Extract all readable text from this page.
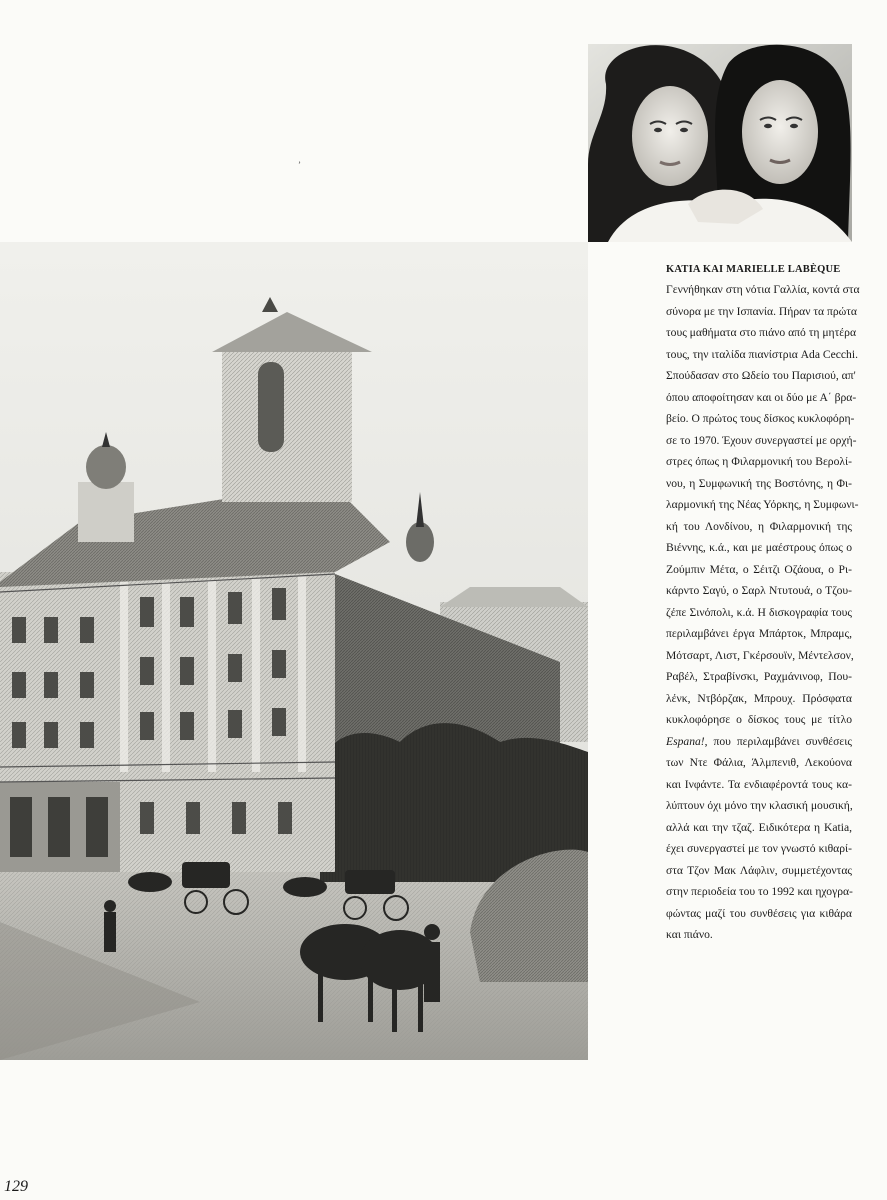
ʼ
KATIA KAI MARIELLE LABÈQUE

Γεννήθηκαν στη νότια Γαλλία, κοντά στα
σύνορα με την Ισπανία. Πήραν τα πρώτα
τους μαθήματα στο πιάνο από τη μητέρα
τους, την ιταλίδα πιανίστρια Ada Cecchi.
Σπούδασαν στο Ωδείο του Παρισιού, απ'
όπου αποφοίτησαν και οι δύο με Α΄ βρα-
βείο. Ο πρώτος τους δίσκος κυκλοφόρη-
σε το 1970. Έχουν συνεργαστεί με ορχή-
στρες όπως η Φιλαρμονική του Βερολί-
νου, η Συμφωνική της Βοστόνης, η Φι-
λαρμονική της Νέας Υόρκης, η Συμφωνι-
κή του Λονδίνου, η Φιλαρμονική της
Βιέννης, κ.ά., και με μαέστρους όπως ο
Ζούμπιν Μέτα, ο Σέιτζι Οζάουα, ο Ρι-
κάρντο Σαγύ, ο Σαρλ Ντυτουά, ο Τζου-
ζέπε Σινόπολι, κ.ά. Η δισκογραφία τους
περιλαμβάνει έργα Μπάρτοκ, Μπραμς,
Μότσαρτ, Λιστ, Γκέρσουϊν, Μέντελσον,
Ραβέλ, Στραβίνσκι, Ραχμάνινοφ, Που-
λένκ, Ντβόρζακ, Μπρουχ. Πρόσφατα
κυκλοφόρησε ο δίσκος τους με τίτλο
Espana!, που περιλαμβάνει συνθέσεις
των Ντε Φάλια, Άλμπενιθ, Λεκούονα
και Ινφάντε. Τα ενδιαφέροντά τους κα-
λύπτουν όχι μόνο την κλασική μουσική,
αλλά και την τζαζ. Ειδικότερα η Katia,
έχει συνεργαστεί με τον γνωστό κιθαρί-
στα Τζον Μακ Λάφλιν, συμμετέχοντας
στην περιοδεία του το 1992 και ηχογρα-
φώντας μαζί του συνθέσεις για κιθάρα
και πιάνο.

129
